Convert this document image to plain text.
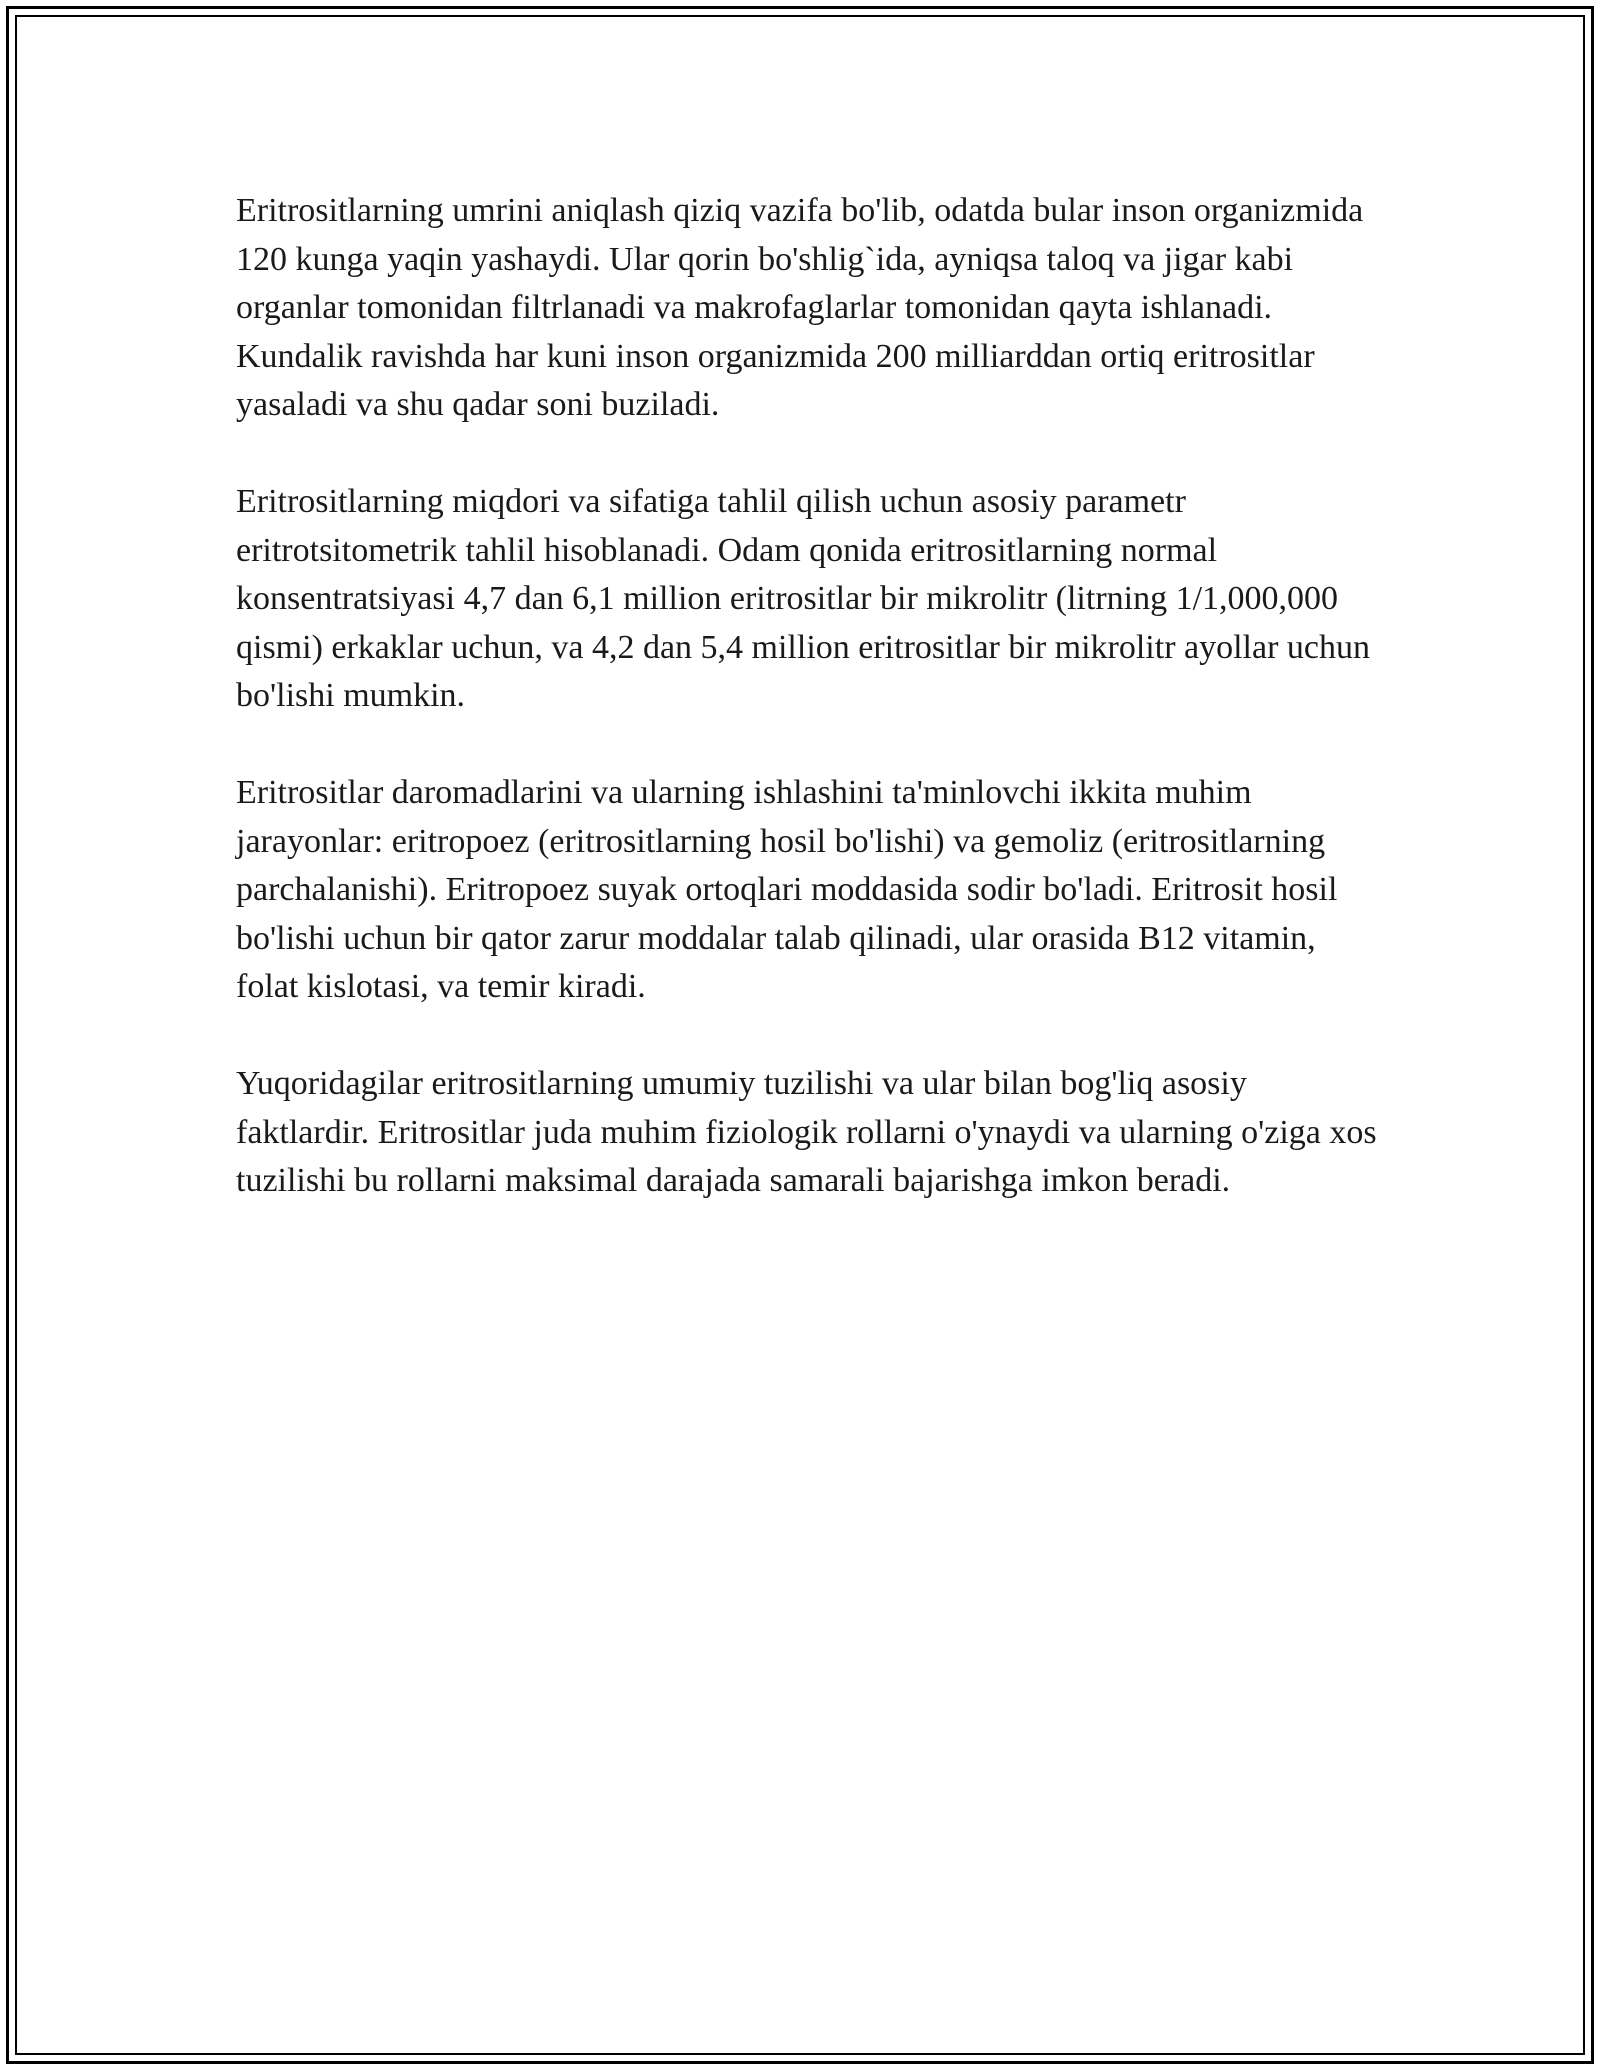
Eritrositlarning umrini aniqlash qiziq vazifa bo'lib, odatda bular inson organizmida 120 kunga yaqin yashaydi. Ular qorin bo'shlig`ida, ayniqsa taloq va jigar kabi organlar tomonidan filtrlanadi va makrofaglarlar tomonidan qayta ishlanadi. Kundalik ravishda har kuni inson organizmida 200 milliarddan ortiq eritrositlar yasaladi va shu qadar soni buziladi.

Eritrositlarning miqdori va sifatiga tahlil qilish uchun asosiy parametr eritrotsitometrik tahlil hisoblanadi. Odam qonida eritrositlarning normal konsentratsiyasi 4,7 dan 6,1 million eritrositlar bir mikrolitr (litrning 1/1,000,000 qismi) erkaklar uchun, va 4,2 dan 5,4 million eritrositlar bir mikrolitr ayollar uchun bo'lishi mumkin.

Eritrositlar daromadlarini va ularning ishlashini ta'minlovchi ikkita muhim jarayonlar: eritropoez (eritrositlarning hosil bo'lishi) va gemoliz (eritrositlarning parchalanishi). Eritropoez suyak ortoqlari moddasida sodir bo'ladi. Eritrosit hosil bo'lishi uchun bir qator zarur moddalar talab qilinadi, ular orasida B12 vitamin, folat kislotasi, va temir kiradi.

Yuqoridagilar eritrositlarning umumiy tuzilishi va ular bilan bog'liq asosiy faktlardir. Eritrositlar juda muhim fiziologik rollarni o'ynaydi va ularning o'ziga xos tuzilishi bu rollarni maksimal darajada samarali bajarishga imkon beradi.
